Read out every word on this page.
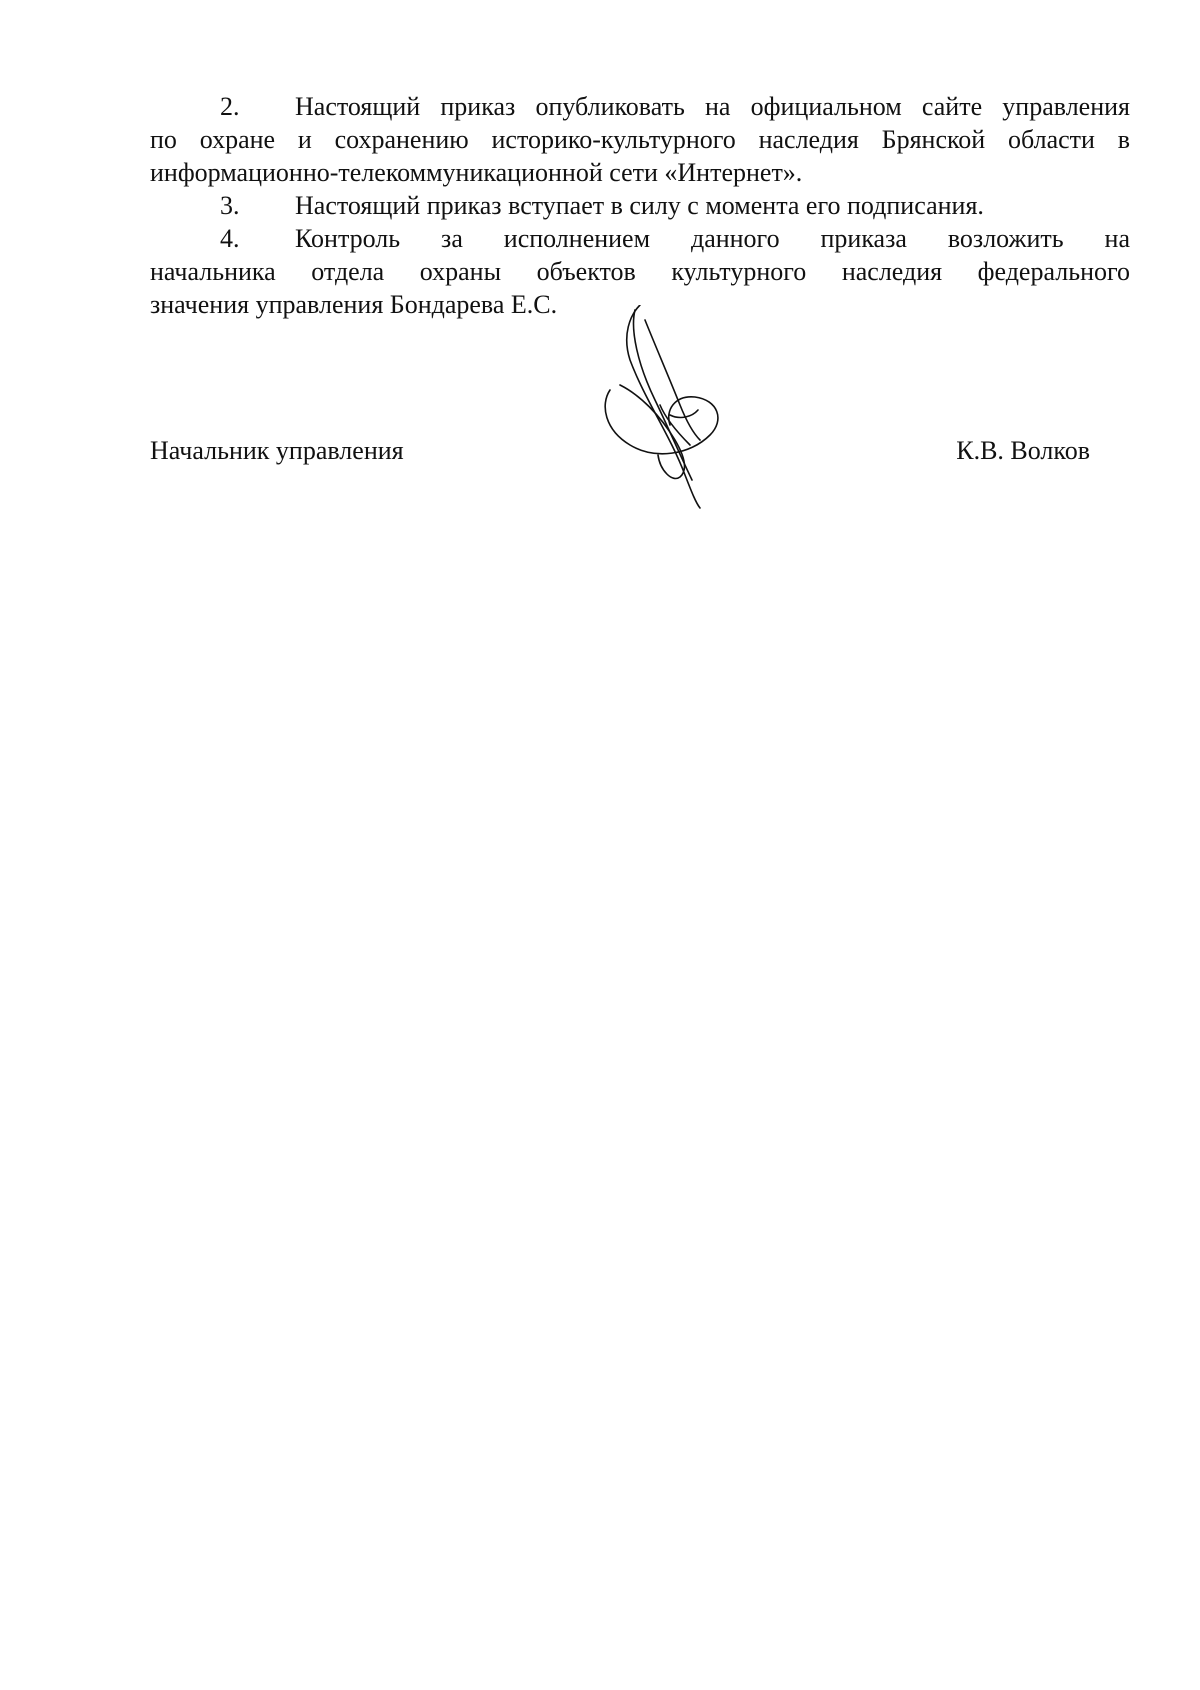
2. Настоящий приказ опубликовать на официальном сайте управления
по охране и сохранению историко-культурного наследия Брянской области в
информационно-телекоммуникационной сети «Интернет».
3. Настоящий приказ вступает в силу с момента его подписания.
4. Контроль за исполнением данного приказа возложить на
начальника отдела охраны объектов культурного наследия федерального
значения управления Бондарева Е.С.
Начальник управления	К.В. Волков
